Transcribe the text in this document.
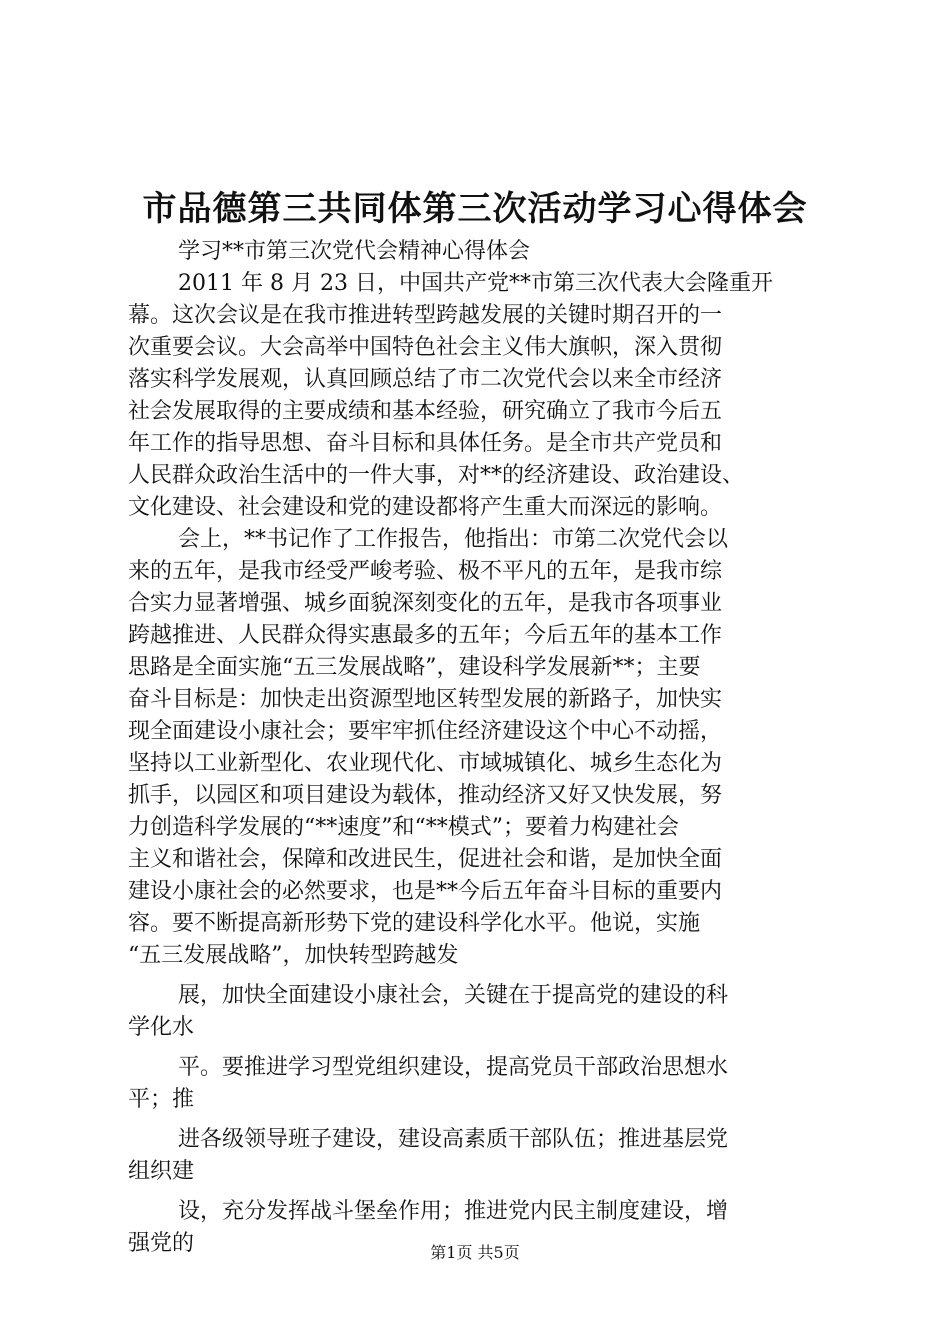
市品德第三共同体第三次活动学习心得体会
学习**市第三次党代会精神心得体会
2011 年 8 月 23 日，中国共产党**市第三次代表大会隆重开
幕。这次会议是在我市推进转型跨越发展的关键时期召开的一
次重要会议。大会高举中国特色社会主义伟大旗帜，深入贯彻
落实科学发展观，认真回顾总结了市二次党代会以来全市经济
社会发展取得的主要成绩和基本经验，研究确立了我市今后五
年工作的指导思想、奋斗目标和具体任务。是全市共产党员和
人民群众政治生活中的一件大事，对**的经济建设、政治建设、
文化建设、社会建设和党的建设都将产生重大而深远的影响。
会上，**书记作了工作报告，他指出：市第二次党代会以
来的五年，是我市经受严峻考验、极不平凡的五年，是我市综
合实力显著增强、城乡面貌深刻变化的五年，是我市各项事业
跨越推进、人民群众得实惠最多的五年；今后五年的基本工作
思路是全面实施“五三发展战略”，建设科学发展新**；主要
奋斗目标是：加快走出资源型地区转型发展的新路子，加快实
现全面建设小康社会；要牢牢抓住经济建设这个中心不动摇，
坚持以工业新型化、农业现代化、市域城镇化、城乡生态化为
抓手，以园区和项目建设为载体，推动经济又好又快发展，努
力创造科学发展的“**速度”和“**模式”；要着力构建社会
主义和谐社会，保障和改进民生，促进社会和谐，是加快全面
建设小康社会的必然要求，也是**今后五年奋斗目标的重要内
容。要不断提高新形势下党的建设科学化水平。他说，实施
“五三发展战略”，加快转型跨越发
展，加快全面建设小康社会，关键在于提高党的建设的科
学化水
平。要推进学习型党组织建设，提高党员干部政治思想水
平；推
进各级领导班子建设，建设高素质干部队伍；推进基层党
组织建
设，充分发挥战斗堡垒作用；推进党内民主制度建设，增
强党的	第1页 共5页
